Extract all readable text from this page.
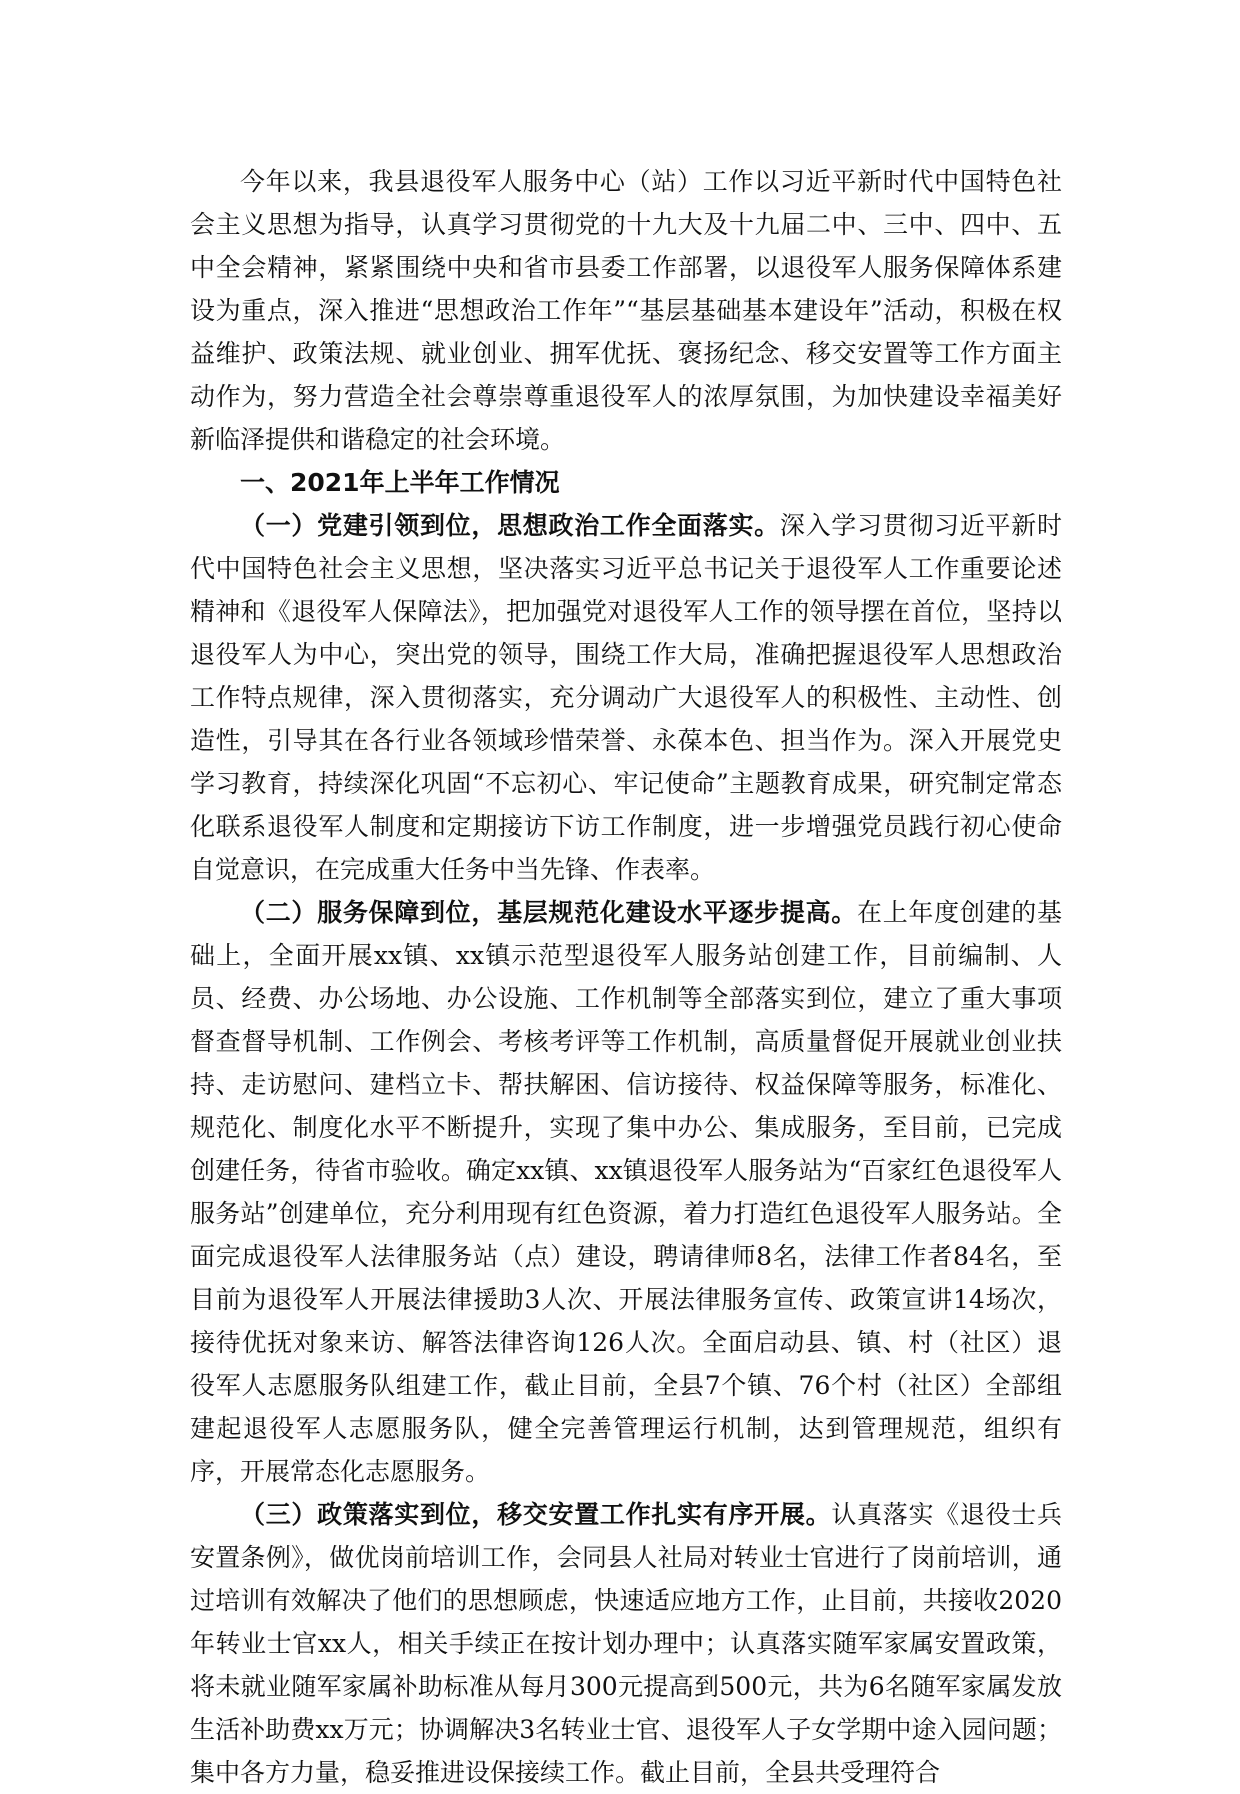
今年以来，我县退役军人服务中心（站）工作以习近平新时代中国特色社会主义思想为指导，认真学习贯彻党的十九大及十九届二中、三中、四中、五中全会精神，紧紧围绕中央和省市县委工作部署，以退役军人服务保障体系建设为重点，深入推进“思想政治工作年”“基层基础基本建设年”活动，积极在权益维护、政策法规、就业创业、拥军优抚、褒扬纪念、移交安置等工作方面主动作为，努力营造全社会尊崇尊重退役军人的浓厚氛围，为加快建设幸福美好新临泽提供和谐稳定的社会环境。

一、2021年上半年工作情况

（一）党建引领到位，思想政治工作全面落实。深入学习贯彻习近平新时代中国特色社会主义思想，坚决落实习近平总书记关于退役军人工作重要论述精神和《退役军人保障法》，把加强党对退役军人工作的领导摆在首位，坚持以退役军人为中心，突出党的领导，围绕工作大局，准确把握退役军人思想政治工作特点规律，深入贯彻落实，充分调动广大退役军人的积极性、主动性、创造性，引导其在各行业各领域珍惜荣誉、永葆本色、担当作为。深入开展党史学习教育，持续深化巩固“不忘初心、牢记使命”主题教育成果，研究制定常态化联系退役军人制度和定期接访下访工作制度，进一步增强党员践行初心使命自觉意识，在完成重大任务中当先锋、作表率。

（二）服务保障到位，基层规范化建设水平逐步提高。在上年度创建的基础上，全面开展xx镇、xx镇示范型退役军人服务站创建工作，目前编制、人员、经费、办公场地、办公设施、工作机制等全部落实到位，建立了重大事项督查督导机制、工作例会、考核考评等工作机制，高质量督促开展就业创业扶持、走访慰问、建档立卡、帮扶解困、信访接待、权益保障等服务，标准化、规范化、制度化水平不断提升，实现了集中办公、集成服务，至目前，已完成创建任务，待省市验收。确定xx镇、xx镇退役军人服务站为“百家红色退役军人服务站”创建单位，充分利用现有红色资源，着力打造红色退役军人服务站。全面完成退役军人法律服务站（点）建设，聘请律师8名，法律工作者84名，至目前为退役军人开展法律援助3人次、开展法律服务宣传、政策宣讲14场次，接待优抚对象来访、解答法律咨询126人次。全面启动县、镇、村（社区）退役军人志愿服务队组建工作，截止目前，全县7个镇、76个村（社区）全部组建起退役军人志愿服务队，健全完善管理运行机制，达到管理规范，组织有序，开展常态化志愿服务。

（三）政策落实到位，移交安置工作扎实有序开展。认真落实《退役士兵安置条例》，做优岗前培训工作，会同县人社局对转业士官进行了岗前培训，通过培训有效解决了他们的思想顾虑，快速适应地方工作，止目前，共接收2020年转业士官xx人，相关手续正在按计划办理中；认真落实随军家属安置政策，将未就业随军家属补助标准从每月300元提高到500元，共为6名随军家属发放生活补助费xx万元；协调解决3名转业士官、退役军人子女学期中途入园问题；集中各方力量，稳妥推进设保接续工作。截止目前，全县共受理符合
